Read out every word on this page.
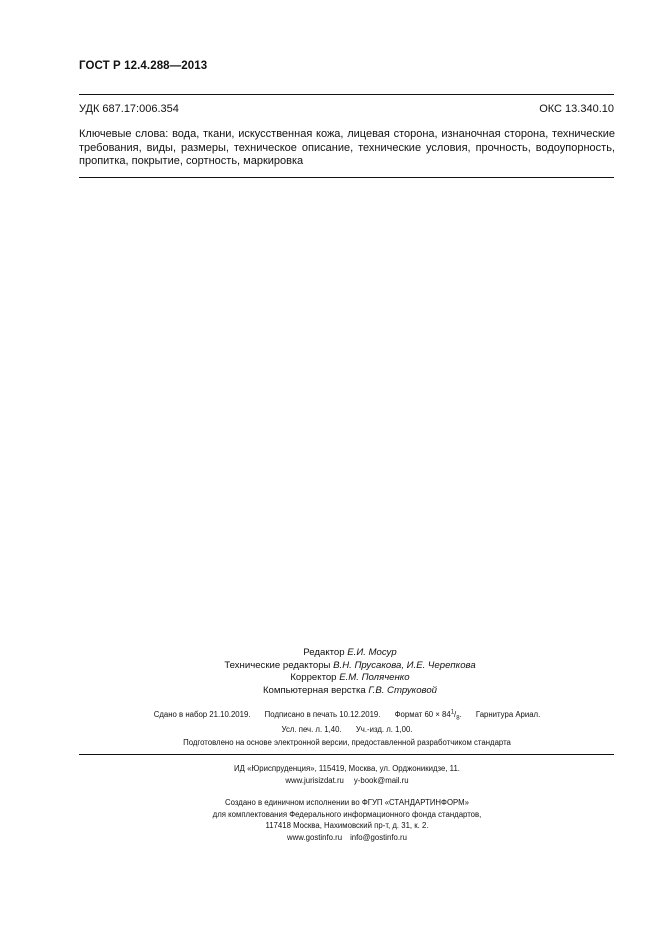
ГОСТ Р 12.4.288—2013
УДК 687.17:006.354	ОКС 13.340.10
Ключевые слова: вода, ткани, искусственная кожа, лицевая сторона, изнаночная сторона, технические требования, виды, размеры, техническое описание, технические условия, прочность, водоупорность, пропитка, покрытие, сортность, маркировка
Редактор Е.И. Мосур
Технические редакторы В.Н. Прусакова, И.Е. Черепкова
Корректор Е.М. Поляченко
Компьютерная верстка Г.В. Струковой
Сдано в набор 21.10.2019. Подписано в печать 10.12.2019. Формат $60 \times 84^1/_8$. Гарнитура Ариал.
Усл. печ. л. 1,40. Уч.-изд. л. 1,00.
Подготовлено на основе электронной версии, предоставленной разработчиком стандарта
ИД «Юриспруденция», 115419, Москва, ул. Орджоникидзе, 11.
www.jurisizdat.ru y-book@mail.ru
Создано в единичном исполнении во ФГУП «СТАНДАРТИНФОРМ»
для комплектования Федерального информационного фонда стандартов,
117418 Москва, Нахимовский пр-т, д. 31, к. 2.
www.gostinfo.ru info@gostinfo.ru
